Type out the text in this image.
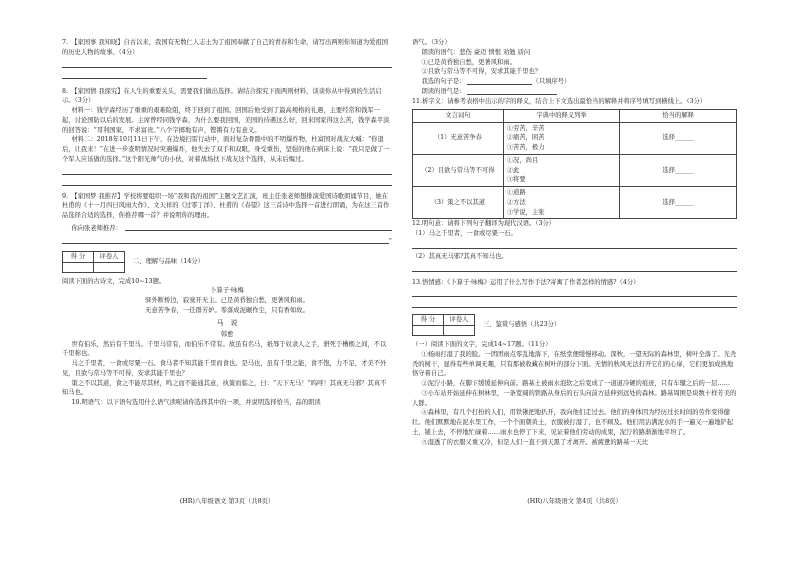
7.　【家国事 我知晓】自古以来，我国有无数仁人志士为了祖国奉献了自己的青春和生命，请写出两则你知道为爱祖国的历史人物的故事。（4分）

8.　【家国情 我探究】在人生的重要关头，需要我们做出选择。请结合探究下面两则材料，谈谈你从中得到的生活启示。（3分）

材料一：钱学森经历了重重的艰难险阻，终于回到了祖国。回国后他受到了最高规格的礼遇，主要经常和钱军一起，讨论国防以后的发展。主席曾经同钱学森，为什么要我回国，美国的待遇这么好，回来国家得这么苦，钱学森平淡的回答说：“哥利国家，不求富贵。”八个字掷地有声，铿锵有力有意义。

材料二：2018年10月11日下午，在边境扫雷行动中，面对复杂骨骼中的不明爆炸物，杜富国对战友大喊：“你退后，让我来！”在进一步查明情况时突遇爆炸，他失去了双手和双眼，身受重伤，坚强的他在病床上说：“我只是做了一个军人应该做的选择。”这个阳光帅气的小伙，对着战场扶下战友这个选择，从未后悔过。

9.　【家国梦 我推荐】学校将要组织一场“我和我的祖国”主题文艺汇演，班主任张老师想排演爱国诗歌朗诵节目，她在杜甫的《十一月四日风雨大作》、文天祥的《过零丁洋》、杜甫的《春望》这三首诗中选择一首进行朗诵，为在这三首作品选择合适的选择，你推荐哪一首？并说明你的理由。

你向张老师推荐：
”
得 分	评卷人

二、理解与品味（14分）

阅读下面的古诗文，完成10~13题。

卜算子·咏梅
驿外断桥边，寂寞开无主。已是黄昏独自愁，更著风和雨。
无意苦争春，一任群芳妒。零落成泥碾作尘，只有香如故。
马　说
韩愈

世有伯乐，然后有千里马。千里马常有，而伯乐不常有。故虽有名马，祇辱于奴隶人之手，骈死于槽枥之间，不以千里称也。

马之千里者，一食或尽粟一石。食马者不知其能千里而食也。是马也，虽有千里之能，食不饱，力不足，才美不外见，且欲与常马等不可得，安求其能千里也？

策之不以其道，食之不能尽其材，鸣之而不能通其意，执策而临之，曰：“天下无马！”呜呼！其真无马邪？其真不知马也。

10.明语气：以下语句选用什么语气读呢请你选择其中的一项，并说明选择恰当，品的朗读

(HR)八年级语文 第3页（共8页）

语气。（3分）

朗读的语气：悲伤 豪迈 愤恨 劝勉 质问

①已是黄昏独自愁，更著风和雨。

②且欲与常马等不可得，安求其能千里也？

我选的句子是：	（只填序号）
朗读的语气是：

11.析字义：请参考表格中出示的字的释义，结合上下文选出最恰当的解释并将序号填写到横线上。（3分）

文言词句	字典中的释义列举	恰当的解释
（1）无意苦争春	①劳苦，辛苦
②痛苦，困苦
③苦苦，极力	选择______
（2）且欲与常马等不可得	①况，尚且
②此
③将要	选择______
（3）策之不以其道	①道路
②方法
③学说，主张	选择______

12.明句意：请将下列句子翻译为现代汉语。（3分）

（1）马之千里者，一食或尽粟一石。

（2）其真无马邪?其真不知马也。

13.悟情感：《卜算子·咏梅》运用了什么写作手法?寄寓了作者怎样的情感?（4分）

得 分	评卷人

三、鉴赏与感悟（共23分）

（一）阅读下面的文字，完成14~17题。（11分）

①杨雨打湿了我的脸。一团团雨点零乱地落下，在纸堂便缓慢移动。深秋，一望无际的森林里，树叶全落了。光秃秃的树干，显得有些单调无趣，只有那被收藏在树叶的部分下面。无情的秋风无法打开它们的心扉，它们更加成熟地恪守着自己。

②泥泞小路，在脚下缓缓延伸向前。路基土被雨水泡软之后变成了一道道冷硬的痕迹，只有车辙之后的一层……

③小车站开始延伸在树林里，一条宽阔的铁路从身后的石头向前方延伸到远处的森林。路基周围是块数十样芳美的人群。

④森林里，有几个打扮的人们，用铁锹把地扒开，我向他们走过去。他们的身体因为经历过长时间的劳作变得健壮。他们默默地在泥水里工作，一个个面朝黄土，衣服被打湿了，也不顾及。他们用沾满泥水的手一遍又一遍地铲起土，铺上去，不停地忙碌着……雨水也停了下来，见证着他们劳动的成果，泥泞的路渐渐地平坦了。

⑤湿透了的衣服又重又冷，但是人们一直干到天黑了才离开。被疲惫的路基一天比

(HR)八年级语文 第4页（共8页）
